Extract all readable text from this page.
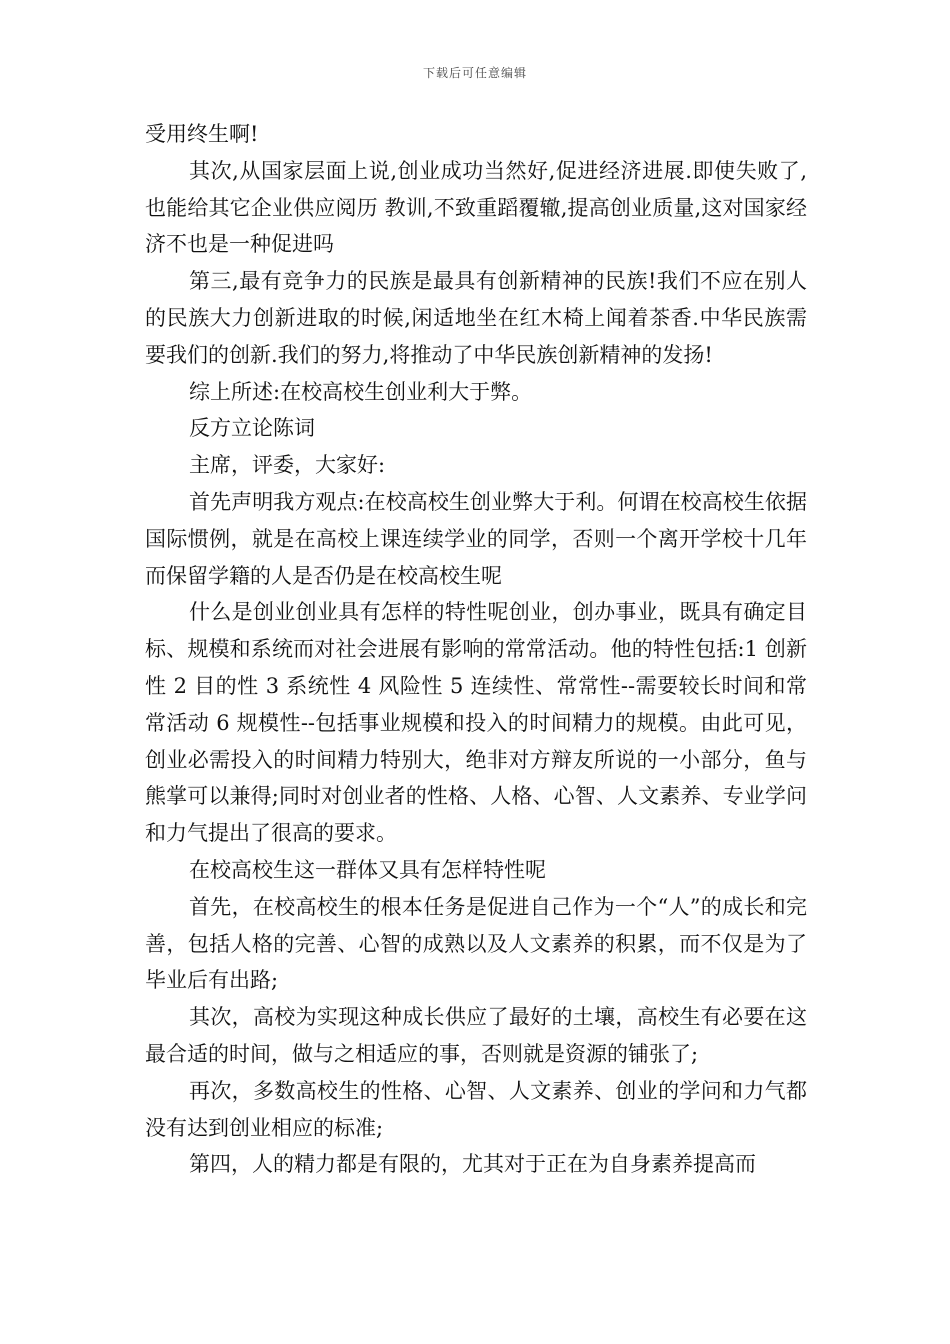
下载后可任意编辑

受用终生啊!

其次,从国家层面上说,创业成功当然好,促进经济进展.即使失败了,也能给其它企业供应阅历 教训,不致重蹈覆辙,提高创业质量,这对国家经济不也是一种促进吗

第三,最有竞争力的民族是最具有创新精神的民族!我们不应在别人的民族大力创新进取的时候,闲适地坐在红木椅上闻着茶香.中华民族需要我们的创新.我们的努力,将推动了中华民族创新精神的发扬!

综上所述:在校高校生创业利大于弊。

反方立论陈词

主席，评委，大家好:

首先声明我方观点:在校高校生创业弊大于利。何谓在校高校生依据国际惯例，就是在高校上课连续学业的同学，否则一个离开学校十几年而保留学籍的人是否仍是在校高校生呢

什么是创业创业具有怎样的特性呢创业，创办事业，既具有确定目标、规模和系统而对社会进展有影响的常常活动。他的特性包括:1 创新性 2 目的性 3 系统性 4 风险性 5 连续性、常常性--需要较长时间和常常活动 6 规模性--包括事业规模和投入的时间精力的规模。由此可见，创业必需投入的时间精力特别大，绝非对方辩友所说的一小部分，鱼与熊掌可以兼得;同时对创业者的性格、人格、心智、人文素养、专业学问和力气提出了很高的要求。

在校高校生这一群体又具有怎样特性呢

首先，在校高校生的根本任务是促进自己作为一个“人”的成长和完善，包括人格的完善、心智的成熟以及人文素养的积累，而不仅是为了毕业后有出路;

其次，高校为实现这种成长供应了最好的土壤，高校生有必要在这最合适的时间，做与之相适应的事，否则就是资源的铺张了;

再次，多数高校生的性格、心智、人文素养、创业的学问和力气都没有达到创业相应的标准;

第四，人的精力都是有限的，尤其对于正在为自身素养提高而
